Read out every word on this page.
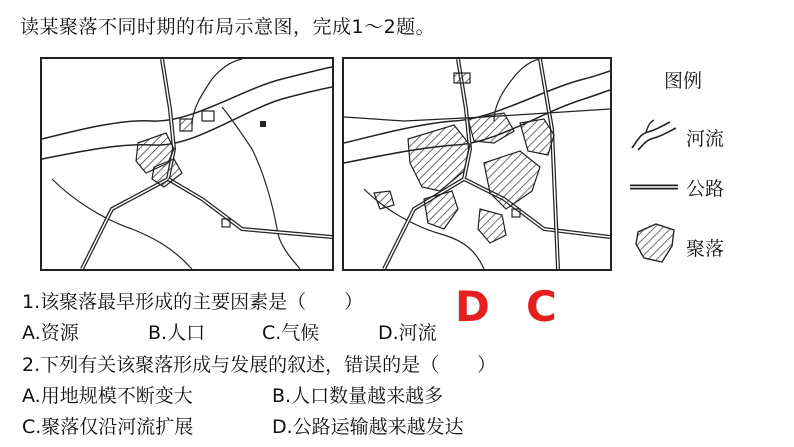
读某聚落不同时期的布局示意图，完成1～2题。
图例
河流
公路
聚落
1.该聚落最早形成的主要因素是（　　）
A.资源	B.人口	C.气候	D.河流
D C
2.下列有关该聚落形成与发展的叙述，错误的是（　　）
A.用地规模不断变大	B.人口数量越来越多
C.聚落仅沿河流扩展	D.公路运输越来越发达
